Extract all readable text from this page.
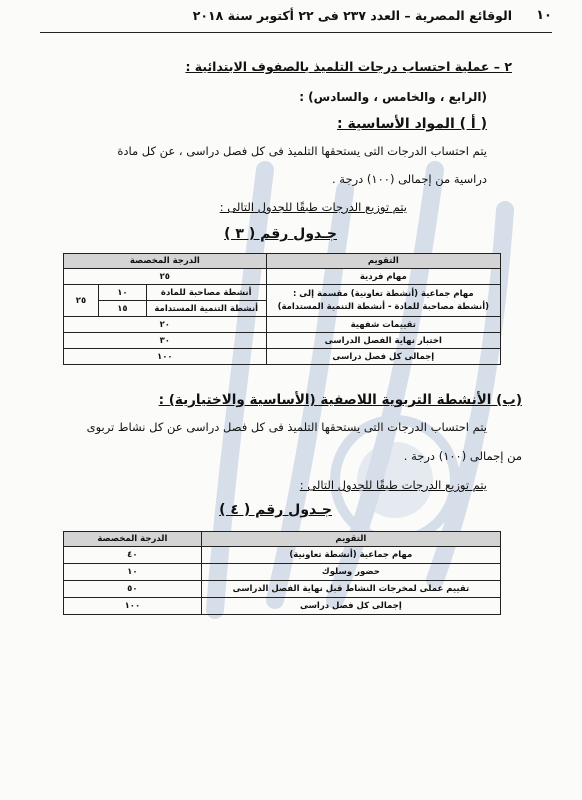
١٠
الوقائع المصرية – العدد ٢٣٧ فى ٢٢ أكتوبر سنة ٢٠١٨
٢ – عملية احتساب درجات التلميذ بالصفوف الابتدائية :
(الرابع ، والخامس ، والسادس) :
( أ ) المواد الأساسية :
يتم احتساب الدرجات التى يستحقها التلميذ فى كل فصل دراسى ، عن كل مادة
دراسية من إجمالى (١٠٠) درجة .
يتم توزيع الدرجات طبقًا للجدول التالى :
جـدول رقم ( ٣ )
التقويم	الدرجة المخصصة		
مهام فردية	٢٥		

مهام جماعية (أنشطة تعاونية) مقسمة إلى :
(أنشطة مصاحبة للمادة - أنشطة التنمية المستدامة)	أنشطة مصاحبة للمادة	١٠	٢٥
	أنشطة التنمية المستدامة	١٥	
تقييمات شفهية	٢٠		
اختبار نهاية الفصل الدراسى	٣٠		
إجمالى كل فصل دراسى	١٠٠		
(ب) الأنشطة التربوية اللاصفية (الأساسية والاختيارية) :
يتم احتساب الدرجات التى يستحقها التلميذ فى كل فصل دراسى عن كل نشاط تربوى
من إجمالى (١٠٠) درجة .
يتم توزيع الدرجات طبقًا للجدول التالى :
جـدول رقم ( ٤ )
التقويم	الدرجة المخصصة
مهام جماعية (أنشطة تعاونية)	٤٠
حضور وسلوك	١٠
تقييم عملى لمخرجات النشاط قبل نهاية الفصل الدراسى	٥٠
إجمالى كل فصل دراسى	١٠٠
